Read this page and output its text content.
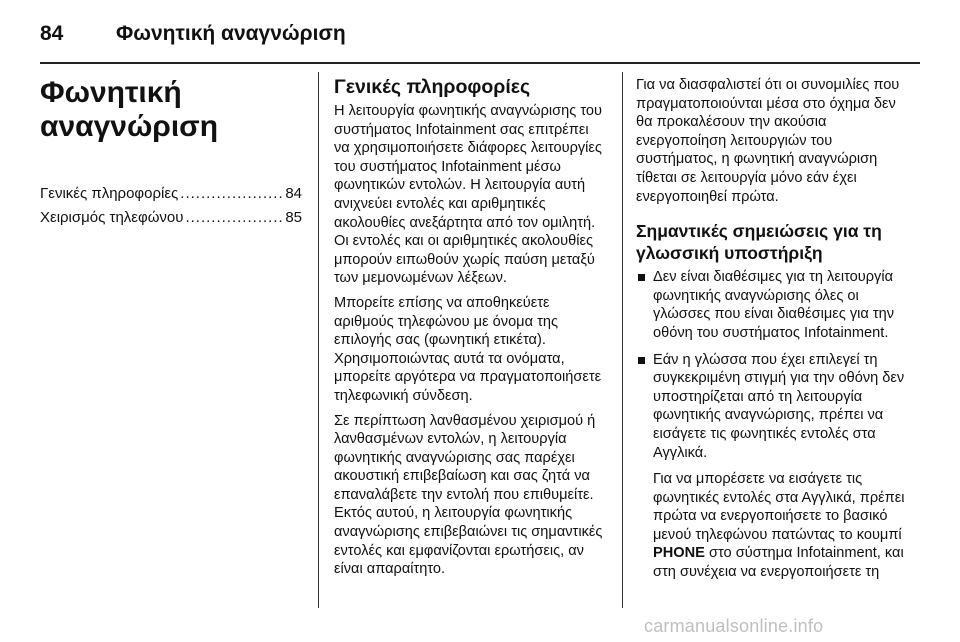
84	Φωνητική αναγνώριση
Φωνητική αναγνώριση
Γενικές πληροφορίες .....	84
Χειρισμός τηλεφώνου .....	85
Γενικές πληροφορίες

Η λειτουργία φωνητικής αναγνώρισης του συστήματος Infotainment σας επιτρέπει να χρησιμοποιήσετε διάφορες λειτουργίες του συστήματος Infotainment μέσω φωνητικών εντολών. Η λειτουργία αυτή ανιχνεύει εντολές και αριθμητικές ακολουθίες ανεξάρτητα από τον ομιλητή. Οι εντολές και οι αριθμητικές ακολουθίες μπορούν ειπωθούν χωρίς παύση μεταξύ των μεμονωμένων λέξεων.

Μπορείτε επίσης να αποθηκεύετε αριθμούς τηλεφώνου με όνομα της επιλογής σας (φωνητική ετικέτα). Χρησιμοποιώντας αυτά τα ονόματα, μπορείτε αργότερα να πραγματοποιήσετε τηλεφωνική σύνδεση.

Σε περίπτωση λανθασμένου χειρισμού ή λανθασμένων εντολών, η λειτουργία φωνητικής αναγνώρισης σας παρέχει ακουστική επιβεβαίωση και σας ζητά να επαναλάβετε την εντολή που επιθυμείτε. Εκτός αυτού, η λειτουργία φωνητικής αναγνώρισης επιβεβαιώνει τις σημαντικές εντολές και εμφανίζονται ερωτήσεις, αν είναι απαραίτητο.

Για να διασφαλιστεί ότι οι συνομιλίες που πραγματοποιούνται μέσα στο όχημα δεν θα προκαλέσουν την ακούσια ενεργοποίηση λειτουργιών του συστήματος, η φωνητική αναγνώριση τίθεται σε λειτουργία μόνο εάν έχει ενεργοποιηθεί πρώτα.

Σημαντικές σημειώσεις για τη γλωσσική υποστήριξη
Δεν είναι διαθέσιμες για τη λειτουργία φωνητικής αναγνώρισης όλες οι γλώσσες που είναι διαθέσιμες για την οθόνη του συστήματος Infotainment.
Εάν η γλώσσα που έχει επιλεγεί τη συγκεκριμένη στιγμή για την οθόνη δεν υποστηρίζεται από τη λειτουργία φωνητικής αναγνώρισης, πρέπει να εισάγετε τις φωνητικές εντολές στα Αγγλικά.

Για να μπορέσετε να εισάγετε τις φωνητικές εντολές στα Αγγλικά, πρέπει πρώτα να ενεργοποιήσετε το βασικό μενού τηλεφώνου πατώντας το κουμπί PHONE στο σύστημα Infotainment, και στη συνέχεια να ενεργοποιήσετε τη

carmanualsonline.info
